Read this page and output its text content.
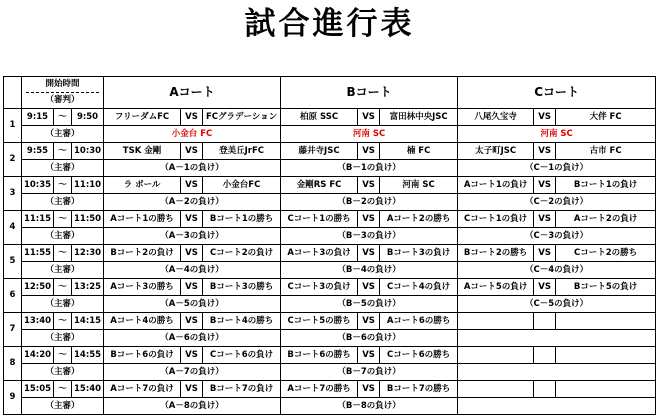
試合進行表

	開始時間
（審判）			Aコート			Bコート			Cコート		
1	9:15	～	9:50	フリーダムFC	VS	FCグラデーション	柏原 SSC	VS	富田林中央JSC	八尾久宝寺	VS	大伴 FC
	（主審）			小金台 FC			河南 SC			河南 SC		
2	9:55	～	10:30	TSK 金剛	VS	登美丘JrFC	藤井寺JSC	VS	楠 FC	太子町JSC	VS	古市 FC
	（主審）			（A－1の負け）			（B－1の負け）			（C－1の負け）		
3	10:35	～	11:10	ラ ボール	VS	小金台FC	金剛RS FC	VS	河南 SC	Aコート1の負け	VS	Bコート1の負け
	（主審）			（A－2の負け）			（B－2の負け）			（C－2の負け）		
4	11:15	～	11:50	Aコート1の勝ち	VS	Bコート1の勝ち	Cコート1の勝ち	VS	Aコート2の勝ち	Cコート1の負け	VS	Aコート2の負け
	（主審）			（A－3の負け）			（B－3の負け）			（C－3の負け）		
5	11:55	～	12:30	Bコート2の負け	VS	Cコート2の負け	Aコート3の負け	VS	Bコート3の負け	Bコート2の勝ち	VS	Cコート2の勝ち
	（主審）			（A－4の負け）			（B－4の負け）			（C－4の負け）		
6	12:50	～	13:25	Aコート3の勝ち	VS	Bコート3の勝ち	Cコート3の負け	VS	Cコート4の負け	Aコート5の負け	VS	Bコート5の負け
	（主審）			（A－5の負け）			（B－5の負け）			（C－5の負け）		
7	13:40	～	14:15	Aコート4の勝ち	VS	Bコート4の勝ち	Cコート5の勝ち	VS	Aコート6の勝ち			
	（主審）			（A－6の負け）			（B－6の負け）					
8	14:20	～	14:55	Bコート6の負け	VS	Cコート6の負け	Bコート6の勝ち	VS	Cコート6の勝ち			
	（主審）			（A－7の負け）			（B－7の負け）					
9	15:05	～	15:40	Aコート7の負け	VS	Bコート7の負け	Aコート7の勝ち	VS	Bコート7の勝ち			
	（主審）			（A－8の負け）			（B－8の負け）					
